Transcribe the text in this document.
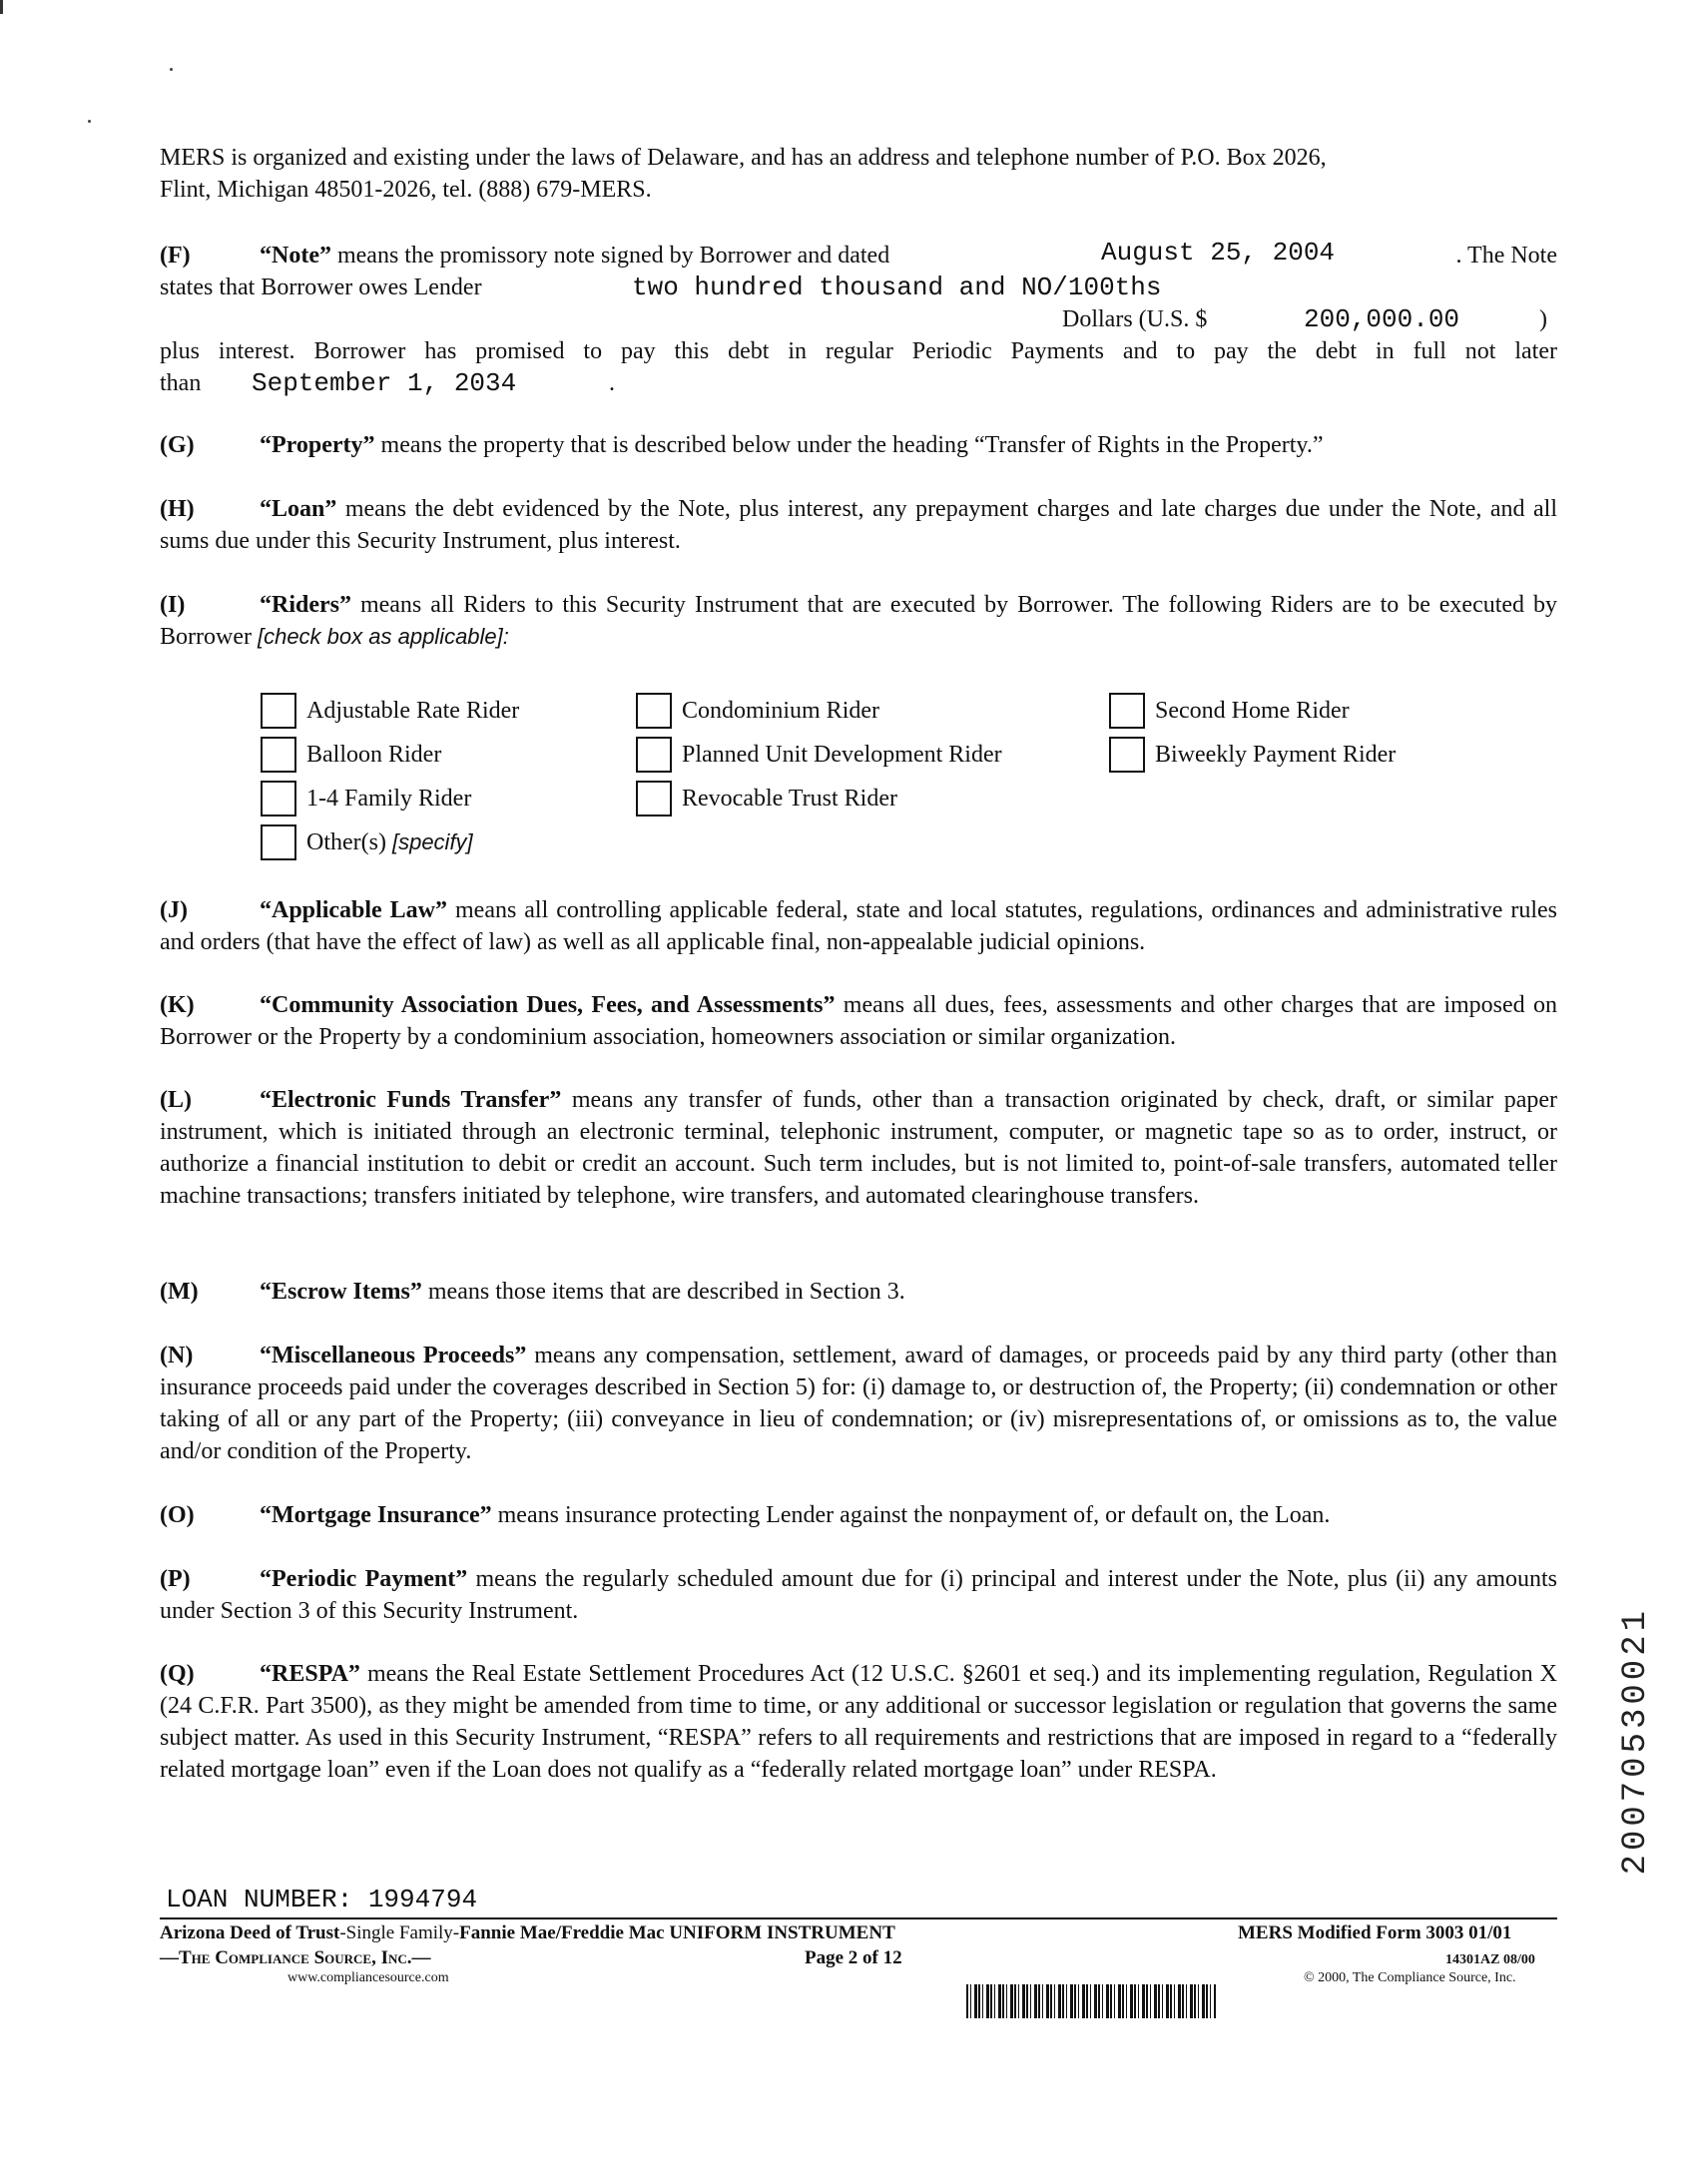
MERS is organized and existing under the laws of Delaware, and has an address and telephone number of P.O. Box 2026,
Flint, Michigan 48501-2026, tel. (888) 679-MERS.
(F)	“Note” means the promissory note signed by Borrower and dated	August 25, 2004	. The Note
states that Borrower owes Lender	two hundred thousand and NO/100ths
Dollars (U.S. $	200,000.00	)
plus interest. Borrower has promised to pay this debt in regular Periodic Payments and to pay the debt in full not later
than September 1, 2034	.
(G)	“Property” means the property that is described below under the heading “Transfer of Rights in the Property.”
(H)	“Loan” means the debt evidenced by the Note, plus interest, any prepayment charges and late charges due under the Note, and all sums due under this Security Instrument, plus interest.
(I)	“Riders” means all Riders to this Security Instrument that are executed by Borrower. The following Riders are to be executed by Borrower [check box as applicable]:
Adjustable Rate Rider
Balloon Rider
1-4 Family Rider
Other(s)
[specify]
Condominium Rider
Planned Unit Development Rider
Revocable Trust Rider
Second Home Rider
Biweekly Payment Rider
(J)	“Applicable Law” means all controlling applicable federal, state and local statutes, regulations, ordinances and administrative rules and orders (that have the effect of law) as well as all applicable final, non-appealable judicial opinions.
(K)	“Community Association Dues, Fees, and Assessments” means all dues, fees, assessments and other charges that are imposed on Borrower or the Property by a condominium association, homeowners association or similar organization.
(L)	“Electronic Funds Transfer” means any transfer of funds, other than a transaction originated by check, draft, or similar paper instrument, which is initiated through an electronic terminal, telephonic instrument, computer, or magnetic tape so as to order, instruct, or authorize a financial institution to debit or credit an account. Such term includes, but is not limited to, point-of-sale transfers, automated teller machine transactions; transfers initiated by telephone, wire transfers, and automated clearinghouse transfers.
(M)	“Escrow Items” means those items that are described in Section 3.
(N)	“Miscellaneous Proceeds” means any compensation, settlement, award of damages, or proceeds paid by any third party (other than insurance proceeds paid under the coverages described in Section 5) for: (i) damage to, or destruction of, the Property; (ii) condemnation or other taking of all or any part of the Property; (iii) conveyance in lieu of condemnation; or (iv) misrepresentations of, or omissions as to, the value and/or condition of the Property.
(O)	“Mortgage Insurance” means insurance protecting Lender against the nonpayment of, or default on, the Loan.
(P)	“Periodic Payment” means the regularly scheduled amount due for (i) principal and interest under the Note, plus (ii) any amounts under Section 3 of this Security Instrument.
(Q)	“RESPA” means the Real Estate Settlement Procedures Act (12 U.S.C. §2601 et seq.) and its implementing regulation, Regulation X (24 C.F.R. Part 3500), as they might be amended from time to time, or any additional or successor legislation or regulation that governs the same subject matter. As used in this Security Instrument, “RESPA” refers to all requirements and restrictions that are imposed in regard to a “federally related mortgage loan” even if the Loan does not qualify as a “federally related mortgage loan” under RESPA.
LOAN NUMBER: 1994794
Arizona Deed of Trust-Single Family-Fannie Mae/Freddie Mac UNIFORM INSTRUMENT
—The Compliance Source, Inc.—
www.compliancesource.com
Page 2 of 12
MERS Modified Form 3003 01/01
14301AZ 08/00
© 2000, The Compliance Source, Inc.
20070530021
